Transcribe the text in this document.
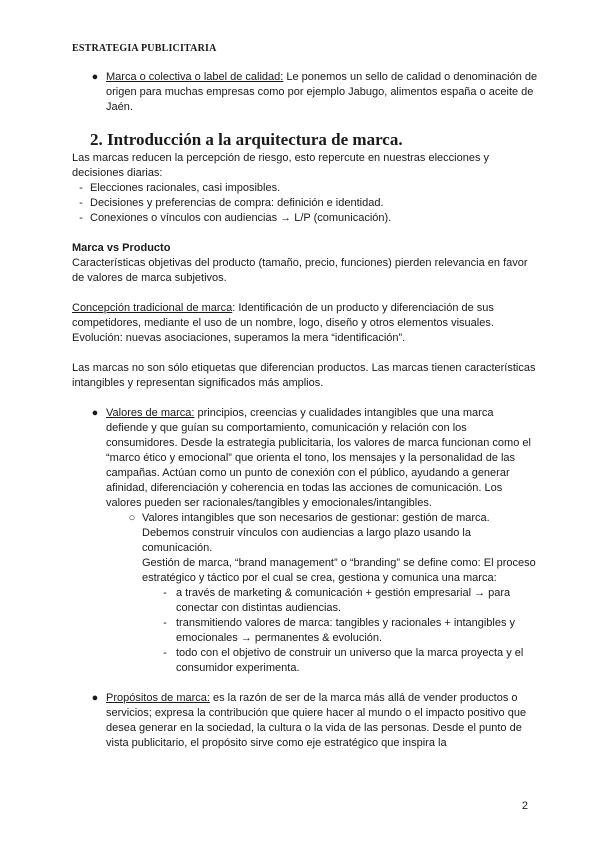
ESTRATEGIA PUBLICITARIA
● Marca o colectiva o label de calidad: Le ponemos un sello de calidad o denominación de origen para muchas empresas como por ejemplo Jabugo, alimentos españa o aceite de Jaén.

2. Introducción a la arquitectura de marca.

Las marcas reducen la percepción de riesgo, esto repercute en nuestras elecciones y decisiones diarias:

- Elecciones racionales, casi imposibles.

- Decisiones y preferencias de compra: definición e identidad.

- Conexiones o vínculos con audiencias → L/P (comunicación).

Marca vs Producto

Características objetivas del producto (tamaño, precio, funciones) pierden relevancia en favor de valores de marca subjetivos.

Concepción tradicional de marca: Identificación de un producto y diferenciación de sus competidores, mediante el uso de un nombre, logo, diseño y otros elementos visuales. Evolución: nuevas asociaciones, superamos la mera “identificación”.

Las marcas no son sólo etiquetas que diferencian productos. Las marcas tienen características intangibles y representan significados más amplios.

● Valores de marca: principios, creencias y cualidades intangibles que una marca defiende y que guían su comportamiento, comunicación y relación con los consumidores. Desde la estrategia publicitaria, los valores de marca funcionan como el “marco ético y emocional” que orienta el tono, los mensajes y la personalidad de las campañas. Actúan como un punto de conexión con el público, ayudando a generar afinidad, diferenciación y coherencia en todas las acciones de comunicación. Los valores pueden ser racionales/tangibles y emocionales/intangibles.

○ Valores intangibles que son necesarios de gestionar: gestión de marca. Debemos construir vínculos con audiencias a largo plazo usando la comunicación.

Gestión de marca, “brand management” o “branding” se define como: El proceso estratégico y táctico por el cual se crea, gestiona y comunica una marca:

- a través de marketing & comunicación + gestión empresarial → para conectar con distintas audiencias.

- transmitiendo valores de marca: tangibles y racionales + intangibles y emocionales → permanentes & evolución.

- todo con el objetivo de construir un universo que la marca proyecta y el consumidor experimenta.

● Propósitos de marca: es la razón de ser de la marca más allá de vender productos o servicios; expresa la contribución que quiere hacer al mundo o el impacto positivo que desea generar en la sociedad, la cultura o la vida de las personas. Desde el punto de vista publicitario, el propósito sirve como eje estratégico que inspira la

2
